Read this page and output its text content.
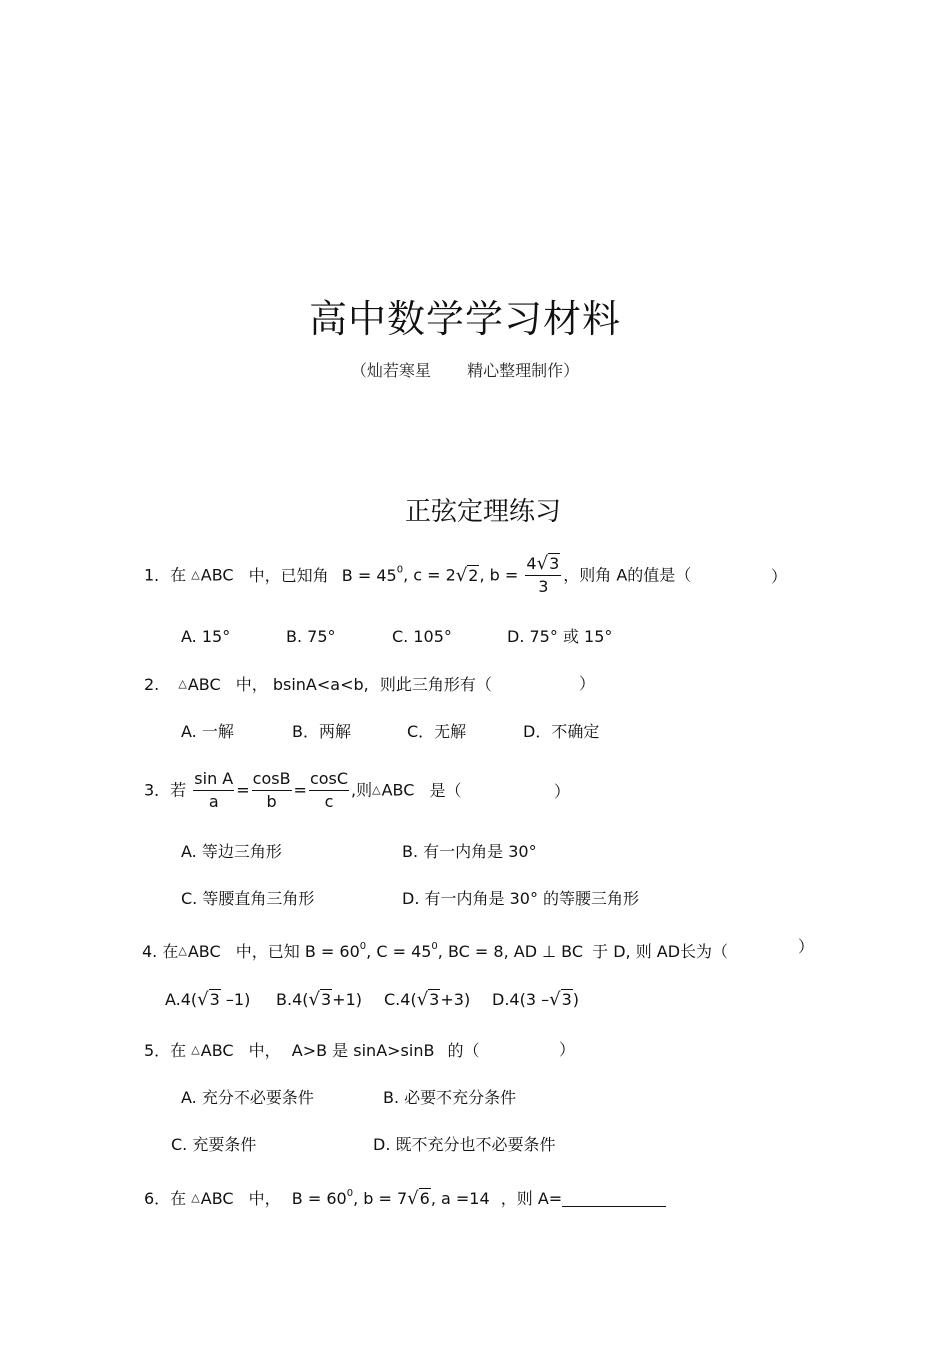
高中数学学习材料
（灿若寒星 精心整理制作）
正弦定理练习
1．在 △ABC 中，已知角 $B = 45^0$, c = 2√2, $b = \frac{4√3}{3}$ ，则角 A的值是（	）
A. 15°	B. 75°	C. 105°	D. 75° 或 15°
2. △ABC 中， bsinA<a<b, 则此三角形有（	）
A. 一解	B．两解	C．无解	D．不确定
3．若 $\frac{\text{sin A}}{a} = \frac{\cos B}{b} = \frac{\cos C}{c}$ ,则△ABC 是（	）
A. 等边三角形	B. 有一内角是 30°
C. 等腰直角三角形	D. 有一内角是 30° 的等腰三角形
4. 在△ABC 中，已知 $B = 60^0$, $C = 45^0$, BC = 8, AD ⊥ BC 于 D, 则 AD长为（	）
A.4(√3 –1) B.4(√3+1) C.4(√3+3) D.4(3 –√3)
5．在 △ABC 中， A>B 是 sinA>sinB 的（	）
A. 充分不必要条件	B. 必要不充分条件
C. 充要条件	D. 既不充分也不必要条件
6．在 △ABC 中， $B = 60^0$, b = 7√6, a =14 ，则 A=
